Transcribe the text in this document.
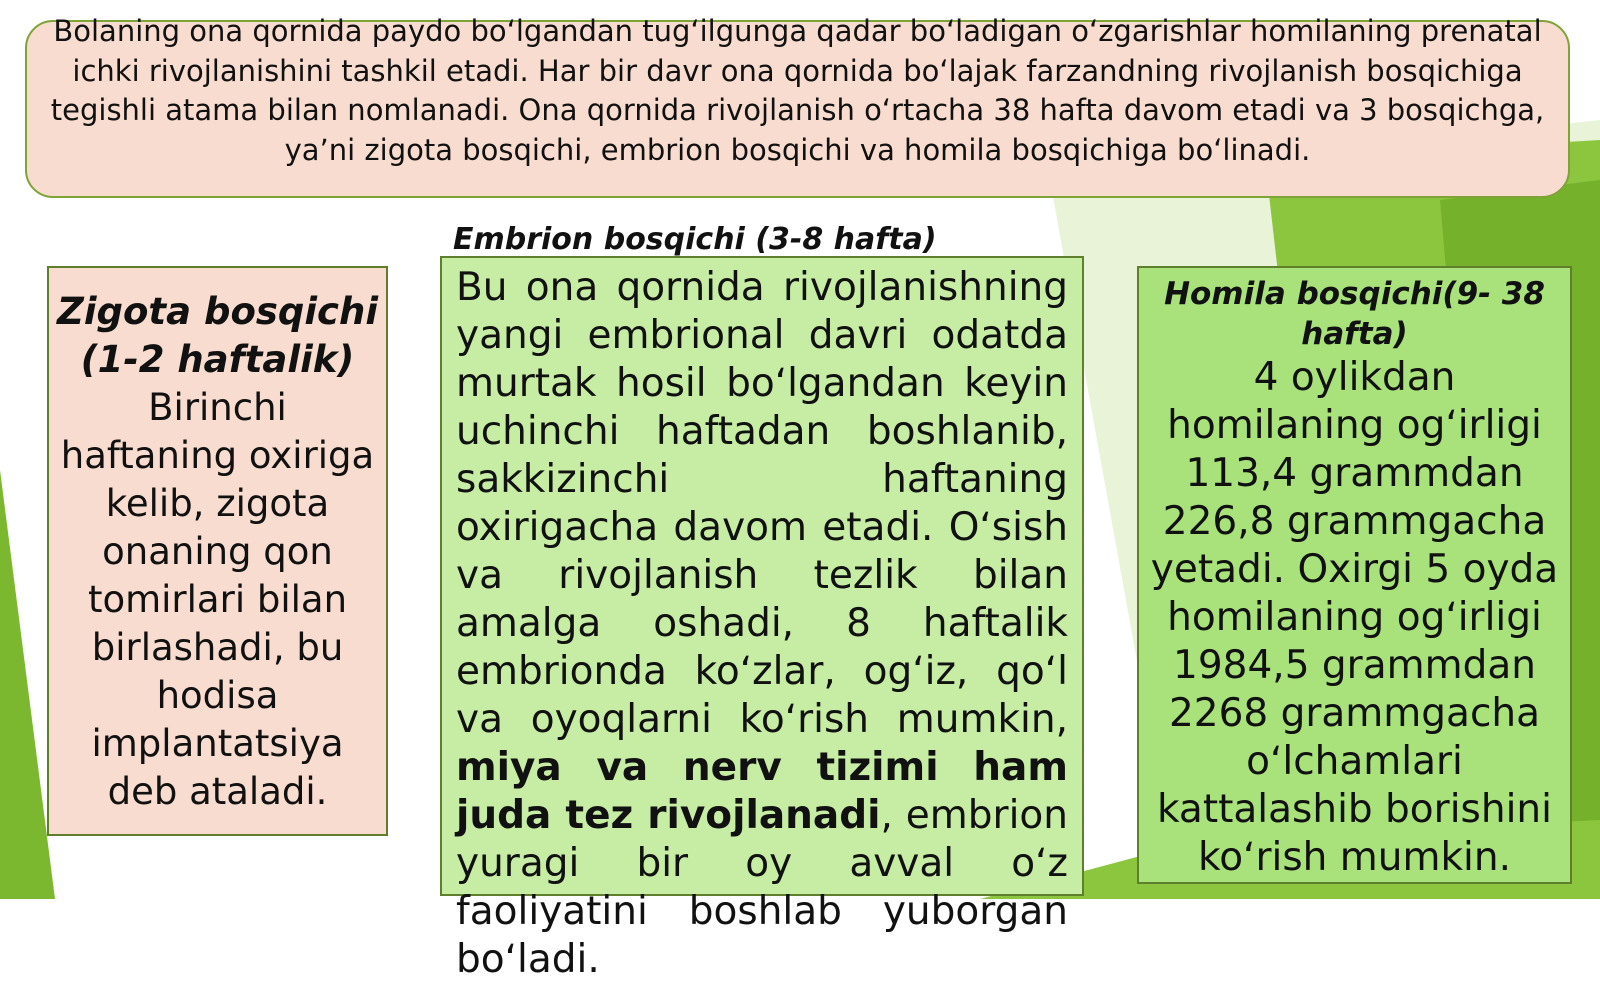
Bolaning ona qornida paydo bo‘lgandan tug‘ilgunga qadar bo‘ladigan o‘zgarishlar homilaning prenatal ichki rivojlanishini tashkil etadi. Har bir davr ona qornida bo‘lajak farzandning rivojlanish bosqichiga tegishli atama bilan nomlanadi. Ona qornida rivojlanish o‘rtacha 38 hafta davom etadi va 3 bosqichga, ya’ni zigota bosqichi, embrion bosqichi va homila bosqichiga bo‘linadi.

Zigota bosqichi (1-2 haftalik)
Birinchi haftaning oxiriga kelib, zigota onaning qon tomirlari bilan birlashadi, bu hodisa implantatsiya deb ataladi.
Embrion bosqichi (3-8 hafta)

Bu ona qornida rivojlanishning yangi embrional davri odatda murtak hosil bo‘lgandan keyin uchinchi haftadan boshlanib, sakkizinchi haftaning oxirigacha davom etadi. O‘sish va rivojlanish tezlik bilan amalga oshadi, 8 haftalik embrionda ko‘zlar, og‘iz, qo‘l va oyoqlarni ko‘rish mumkin, miya va nerv tizimi ham juda tez rivojlanadi, embrion yuragi bir oy avval o‘z faoliyatini boshlab yuborgan bo‘ladi.

Homila bosqichi(9- 38 hafta)
4 oylikdan homilaning og‘irligi 113,4 grammdan 226,8 grammgacha yetadi. Oxirgi 5 oyda homilaning og‘irligi 1984,5 grammdan 2268 grammgacha o‘lchamlari kattalashib borishini ko‘rish mumkin.
